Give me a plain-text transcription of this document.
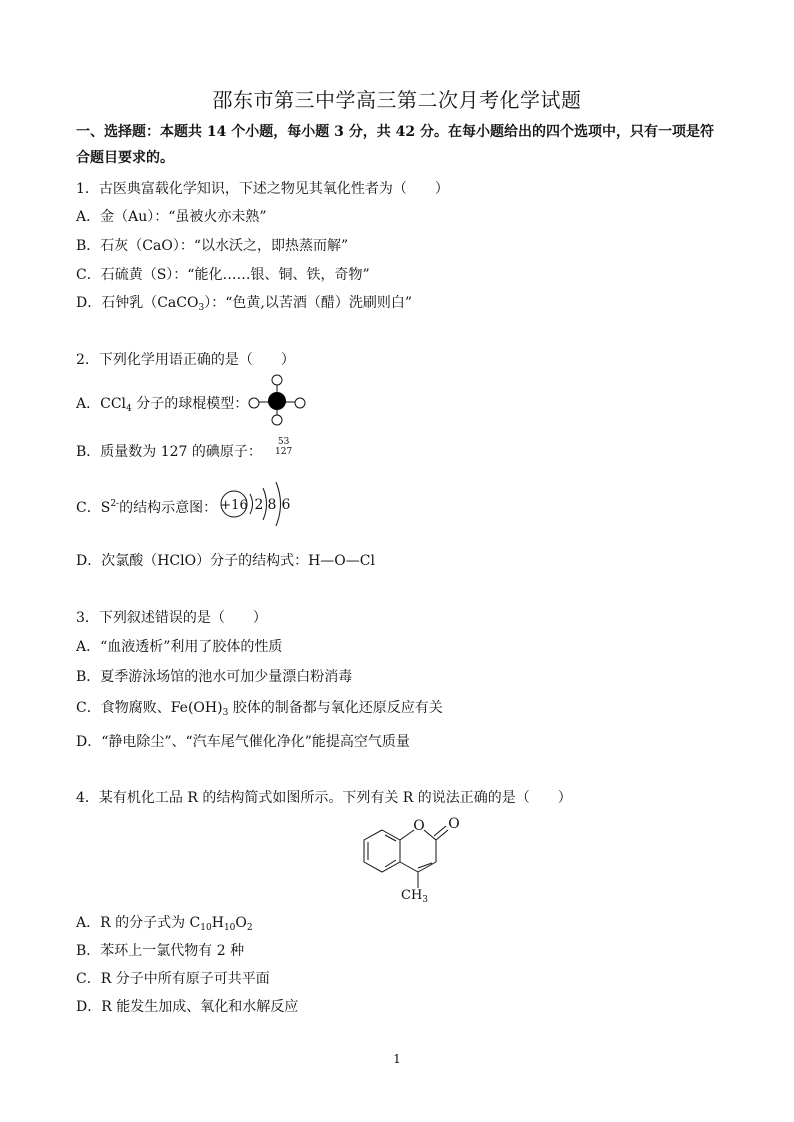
邵东市第三中学高三第二次月考化学试题
一、选择题：本题共 14 个小题，每小题 3 分，共 42 分。在每小题给出的四个选项中，只有一项是符合题目要求的。
1．古医典富载化学知识，下述之物见其氧化性者为（　　）
A．金（Au）：“虽被火亦未熟”
B．石灰（CaO）：“以水沃之，即热蒸而解”
C．石硫黄（S）：“能化……银、铜、铁，奇物”
D．石钟乳（CaCO$_3$）：“色黄,以苦酒（醋）洗刷则白”
2．下列化学用语正确的是（　　）
A．CCl$_4$ 分子的球棍模型：
B．质量数为 127 的碘原子：
53
127
C．$S^{2-}$的结构示意图： +16 2 8 6
D．次氯酸（HClO）分子的结构式：H—O—Cl
3．下列叙述错误的是（　　）
A．“血液透析”利用了胶体的性质
B．夏季游泳场馆的池水可加少量漂白粉消毒
C．食物腐败、$Fe(OH)_3$ 胶体的制备都与氧化还原反应有关
D．“静电除尘”、“汽车尾气催化净化”能提高空气质量
4．某有机化工品 R 的结构简式如图所示。下列有关 R 的说法正确的是（　　）
O O
$CH_3$
A．R 的分子式为 $C_{10}H_{10}O_2$
B．苯环上一氯代物有 2 种
C．R 分子中所有原子可共平面
D．R 能发生加成、氧化和水解反应
1
